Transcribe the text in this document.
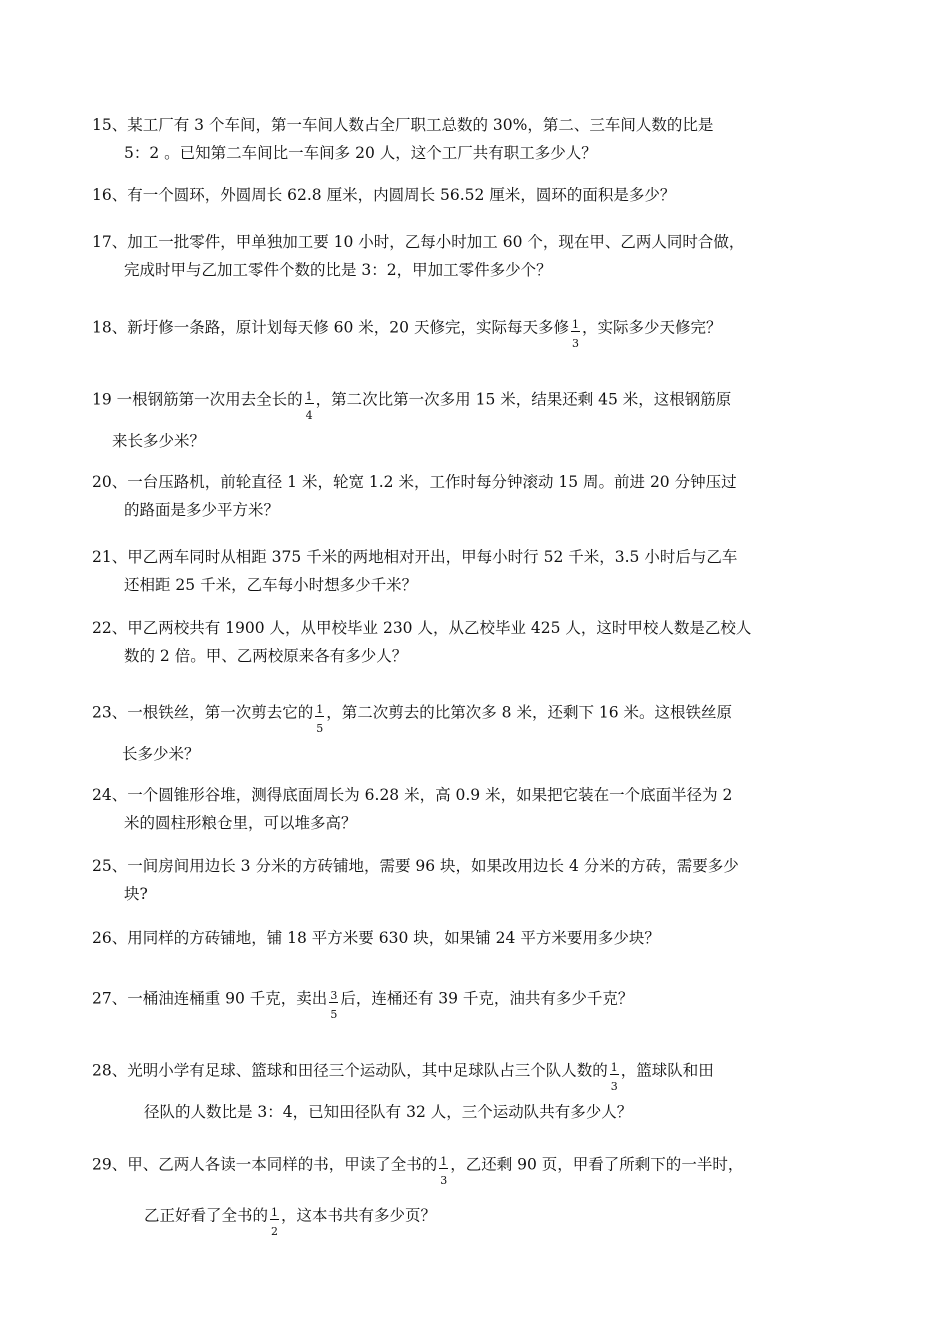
15、某工厂有 3 个车间，第一车间人数占全厂职工总数的 30%，第二、三车间人数的比是
5：2 。已知第二车间比一车间多 20 人，这个工厂共有职工多少人？
16、有一个圆环，外圆周长 62.8 厘米，内圆周长 56.52 厘米，圆环的面积是多少？
17、加工一批零件，甲单独加工要 10 小时，乙每小时加工 60 个，现在甲、乙两人同时合做，
完成时甲与乙加工零件个数的比是 3：2，甲加工零件多少个？
18、新圩修一条路，原计划每天修 60 米，20 天修完，实际每天多修 $\frac{1}{3}$ ，实际多少天修完？
19 一根钢筋第一次用去全长的 $\frac{1}{4}$ ，第二次比第一次多用 15 米，结果还剩 45 米，这根钢筋原
来长多少米？
20、一台压路机，前轮直径 1 米，轮宽 1.2 米，工作时每分钟滚动 15 周。前进 20 分钟压过
的路面是多少平方米？
21、甲乙两车同时从相距 375 千米的两地相对开出，甲每小时行 52 千米，3.5 小时后与乙车
还相距 25 千米，乙车每小时想多少千米？
22、甲乙两校共有 1900 人，从甲校毕业 230 人，从乙校毕业 425 人，这时甲校人数是乙校人
数的 2 倍。甲、乙两校原来各有多少人？
23、一根铁丝，第一次剪去它的 $\frac{1}{5}$ ，第二次剪去的比第次多 8 米，还剩下 16 米。这根铁丝原
长多少米？
24、一个圆锥形谷堆，测得底面周长为 6.28 米，高 0.9 米，如果把它装在一个底面半径为 2
米的圆柱形粮仓里，可以堆多高？
25、一间房间用边长 3 分米的方砖铺地，需要 96 块，如果改用边长 4 分米的方砖，需要多少
块?
26、用同样的方砖铺地，铺 18 平方米要 630 块，如果铺 24 平方米要用多少块？
27、一桶油连桶重 90 千克，卖出 $\frac{3}{5}$ 后，连桶还有 39 千克，油共有多少千克？
28、光明小学有足球、篮球和田径三个运动队，其中足球队占三个队人数的 $\frac{1}{3}$ ，篮球队和田
径队的人数比是 3：4，已知田径队有 32 人，三个运动队共有多少人？
29、甲、乙两人各读一本同样的书，甲读了全书的 $\frac{1}{3}$ ，乙还剩 90 页，甲看了所剩下的一半时，
乙正好看了全书的 $\frac{1}{2}$ ，这本书共有多少页？
